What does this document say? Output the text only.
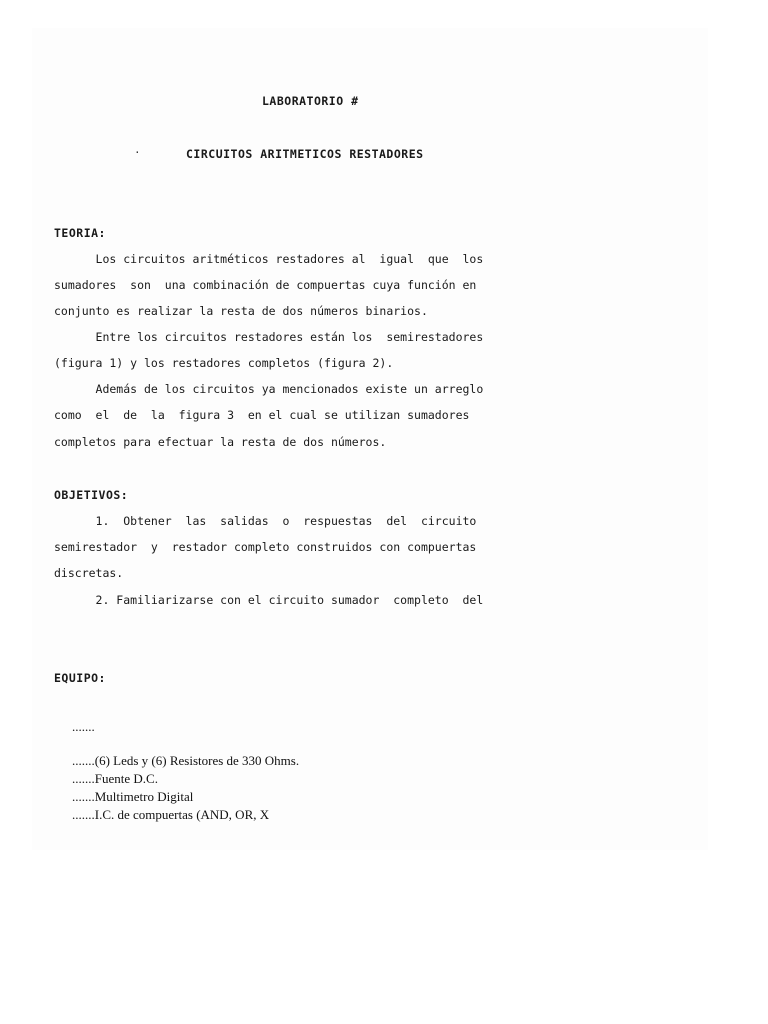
LABORATORIO #
·	CIRCUITOS ARITMETICOS RESTADORES
TEORIA:
Los circuitos aritméticos restadores al  igual  que  los
sumadores  son  una combinación de compuertas cuya función en
conjunto es realizar la resta de dos números binarios.
Entre los circuitos restadores están los  semirestadores
(figura 1) y los restadores completos (figura 2).
Además de los circuitos ya mencionados existe un arreglo
como  el  de  la  figura 3  en el cual se utilizan sumadores
completos para efectuar la resta de dos números.
OBJETIVOS:
1.  Obtener  las  salidas  o  respuestas  del  circuito
semirestador  y  restador completo construidos con compuertas
discretas.
2. Familiarizarse con el circuito sumador  completo  del
EQUIPO:
.......
.......(6) Leds y (6) Resistores de 330 Ohms.
.......Fuente D.C.
.......Multimetro Digital
.......I.C. de compuertas (AND, OR, X
